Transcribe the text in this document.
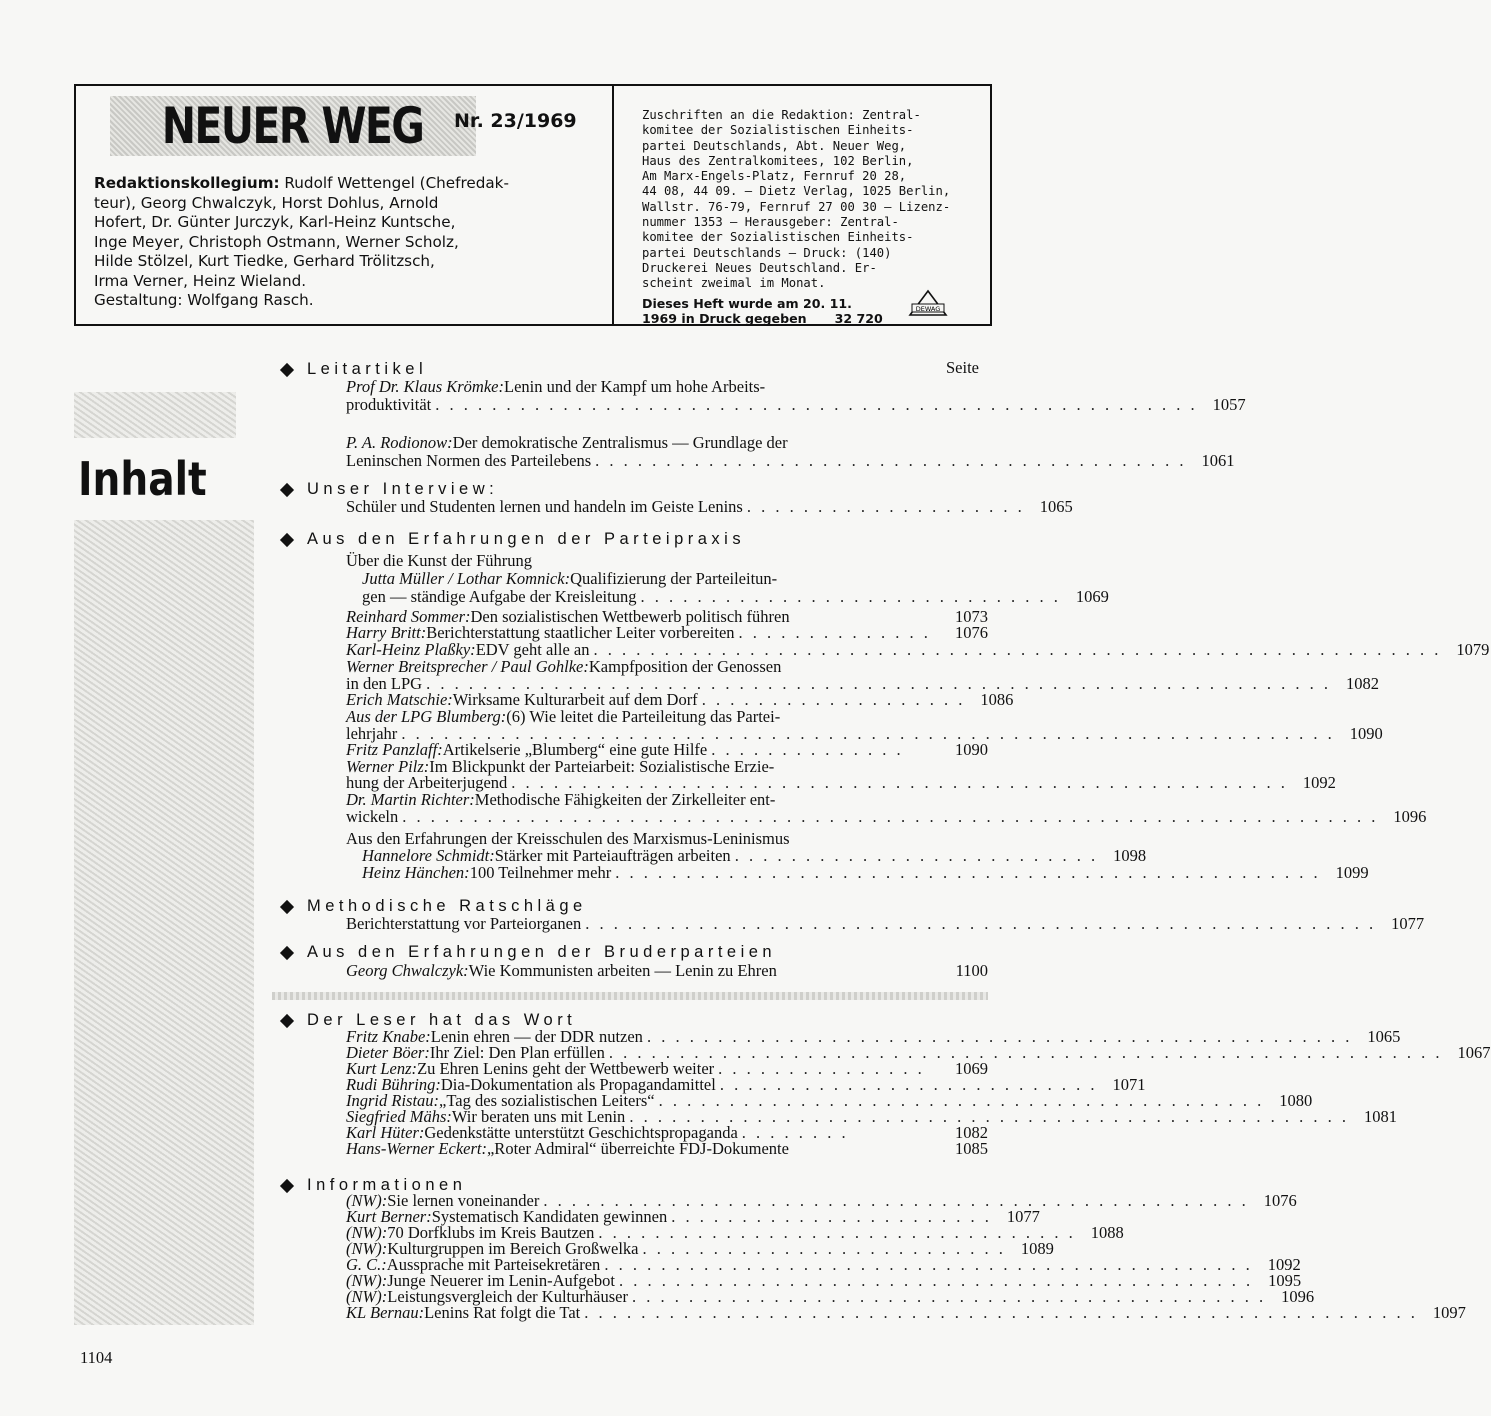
NEUER WEG Nr. 23/1969
Redaktionskollegium: Rudolf Wettengel (Chefredak-
teur), Georg Chwalczyk, Horst Dohlus, Arnold
Hofert, Dr. Günter Jurczyk, Karl-Heinz Kuntsche,
Inge Meyer, Christoph Ostmann, Werner Scholz,
Hilde Stölzel, Kurt Tiedke, Gerhard Trölitzsch,
Irma Verner, Heinz Wieland.
Gestaltung: Wolfgang Rasch.
Zuschriften an die Redaktion: Zentral-
komitee der Sozialistischen Einheits-
partei Deutschlands, Abt. Neuer Weg,
Haus des Zentralkomitees, 102 Berlin,
Am Marx-Engels-Platz, Fernruf 20 28,
44 08, 44 09. — Dietz Verlag, 1025 Berlin,
Wallstr. 76-79, Fernruf 27 00 30 — Lizenz-
nummer 1353 — Herausgeber: Zentral-
komitee der Sozialistischen Einheits-
partei Deutschlands — Druck: (140)
Druckerei Neues Deutschland. Er-
scheint zweimal im Monat.
Dieses Heft wurde am 20. 11.
1969 in Druck gegeben 32 720
DEWAG
Inhalt
Seite
Leitartikel
Unser Interview:
Aus den Erfahrungen der Parteipraxis
Methodische Ratschläge
Aus den Erfahrungen der Bruderparteien
Der Leser hat das Wort
Informationen
Prof Dr. Klaus Krömke: Lenin und der Kampf um hohe Arbeits-
produktivität . . . . . . . . . . . . . . . . . . . . . . . . . . . . . . . . . . . . . . . . . . . . . . . . . . . . . . 1057
P. A. Rodionow: Der demokratische Zentralismus — Grundlage der
Leninschen Normen des Parteilebens . . . . . . . . . . . . . . . . . . . . . . . . . . . . . . . . . . . . . . . . . . 1061
Schüler und Studenten lernen und handeln im Geiste Lenins . . . . . . . . . . . . . . . . . . . . 1065
Über die Kunst der Führung
Jutta Müller / Lothar Komnick: Qualifizierung der Parteileitun-
gen — ständige Aufgabe der Kreisleitung . . . . . . . . . . . . . . . . . . . . . . . . . . . . . . 1069
Reinhard Sommer: Den sozialistischen Wettbewerb politisch führen	1073
Harry Britt: Berichterstattung staatlicher Leiter vorbereiten . . . . . . . . . . . . . .	1076
Karl-Heinz Plaßky: EDV geht alle an . . . . . . . . . . . . . . . . . . . . . . . . . . . . . . . . . . . . . . . . . . . . . . . . . . . . . . . . . . . . 1079
Werner Breitsprecher / Paul Gohlke: Kampfposition der Genossen
in den LPG . . . . . . . . . . . . . . . . . . . . . . . . . . . . . . . . . . . . . . . . . . . . . . . . . . . . . . . . . . . . . . . . 1082
Erich Matschie: Wirksame Kulturarbeit auf dem Dorf . . . . . . . . . . . . . . . . . . . 1086
Aus der LPG Blumberg: (6) Wie leitet die Parteileitung das Partei-
lehrjahr . . . . . . . . . . . . . . . . . . . . . . . . . . . . . . . . . . . . . . . . . . . . . . . . . . . . . . . . . . . . . . . . . . 1090
Fritz Panzlaff: Artikelserie „Blumberg“ eine gute Hilfe . . . . . . . . . . . . . .	1090
Werner Pilz: Im Blickpunkt der Parteiarbeit: Sozialistische Erzie-
hung der Arbeiterjugend . . . . . . . . . . . . . . . . . . . . . . . . . . . . . . . . . . . . . . . . . . . . . . . . . . . . . . . 1092
Dr. Martin Richter: Methodische Fähigkeiten der Zirkelleiter ent-
wickeln . . . . . . . . . . . . . . . . . . . . . . . . . . . . . . . . . . . . . . . . . . . . . . . . . . . . . . . . . . . . . . . . . . . . . 1096
Aus den Erfahrungen der Kreisschulen des Marxismus-Leninismus
Hannelore Schmidt: Stärker mit Parteiaufträgen arbeiten . . . . . . . . . . . . . . . . . . . . . . . . . . 1098
Heinz Hänchen: 100 Teilnehmer mehr . . . . . . . . . . . . . . . . . . . . . . . . . . . . . . . . . . . . . . . . . . . . . . . . . . 1099
Berichterstattung vor Parteiorganen . . . . . . . . . . . . . . . . . . . . . . . . . . . . . . . . . . . . . . . . . . . . . . . . . . . . . . . . 1077
Georg Chwalczyk: Wie Kommunisten arbeiten — Lenin zu Ehren	1100
Fritz Knabe: Lenin ehren — der DDR nutzen . . . . . . . . . . . . . . . . . . . . . . . . . . . . . . . . . . . . . . . . . . . . . . . . . . 1065
Dieter Böer: Ihr Ziel: Den Plan erfüllen . . . . . . . . . . . . . . . . . . . . . . . . . . . . . . . . . . . . . . . . . . . . . . . . . . . . . . . . . . . 1067
Kurt Lenz: Zu Ehren Lenins geht der Wettbewerb weiter . . . . . . . . . . . . . . .	1069
Rudi Bühring: Dia-Dokumentation als Propagandamittel . . . . . . . . . . . . . . . . . . . . . . . . . . . 1071
Ingrid Ristau: „Tag des sozialistischen Leiters“ . . . . . . . . . . . . . . . . . . . . . . . . . . . . . . . . . . . . . . . . . . . 1080
Siegfried Mähs: Wir beraten uns mit Lenin . . . . . . . . . . . . . . . . . . . . . . . . . . . . . . . . . . . . . . . . . . . . . . . . . . . 1081
Karl Hüter: Gedenkstätte unterstützt Geschichtspropaganda . . . . . . . .	1082
Hans-Werner Eckert: „Roter Admiral“ überreichte FDJ-Dokumente	1085
(NW): Sie lernen voneinander . . . . . . . . . . . . . . . . . . . . . . . . . . . . . . . . . . . . . . . . . . . . . . . . . . 1076
Kurt Berner: Systematisch Kandidaten gewinnen . . . . . . . . . . . . . . . . . . . . . . . 1077
(NW): 70 Dorfklubs im Kreis Bautzen . . . . . . . . . . . . . . . . . . . . . . . . . . . . . . . . . . 1088
(NW): Kulturgruppen im Bereich Großwelka . . . . . . . . . . . . . . . . . . . . . . . . . . 1089
G. C.: Aussprache mit Parteisekretären . . . . . . . . . . . . . . . . . . . . . . . . . . . . . . . . . . . . . . . . . . . . . . 1092
(NW): Junge Neuerer im Lenin-Aufgebot . . . . . . . . . . . . . . . . . . . . . . . . . . . . . . . . . . . . . . . . . . . . . 1095
(NW): Leistungsvergleich der Kulturhäuser . . . . . . . . . . . . . . . . . . . . . . . . . . . . . . . . . . . . . . . . . . . . . 1096
KL Bernau: Lenins Rat folgt die Tat . . . . . . . . . . . . . . . . . . . . . . . . . . . . . . . . . . . . . . . . . . . . . . . . . . . . . . . . . . . 1097
1104
